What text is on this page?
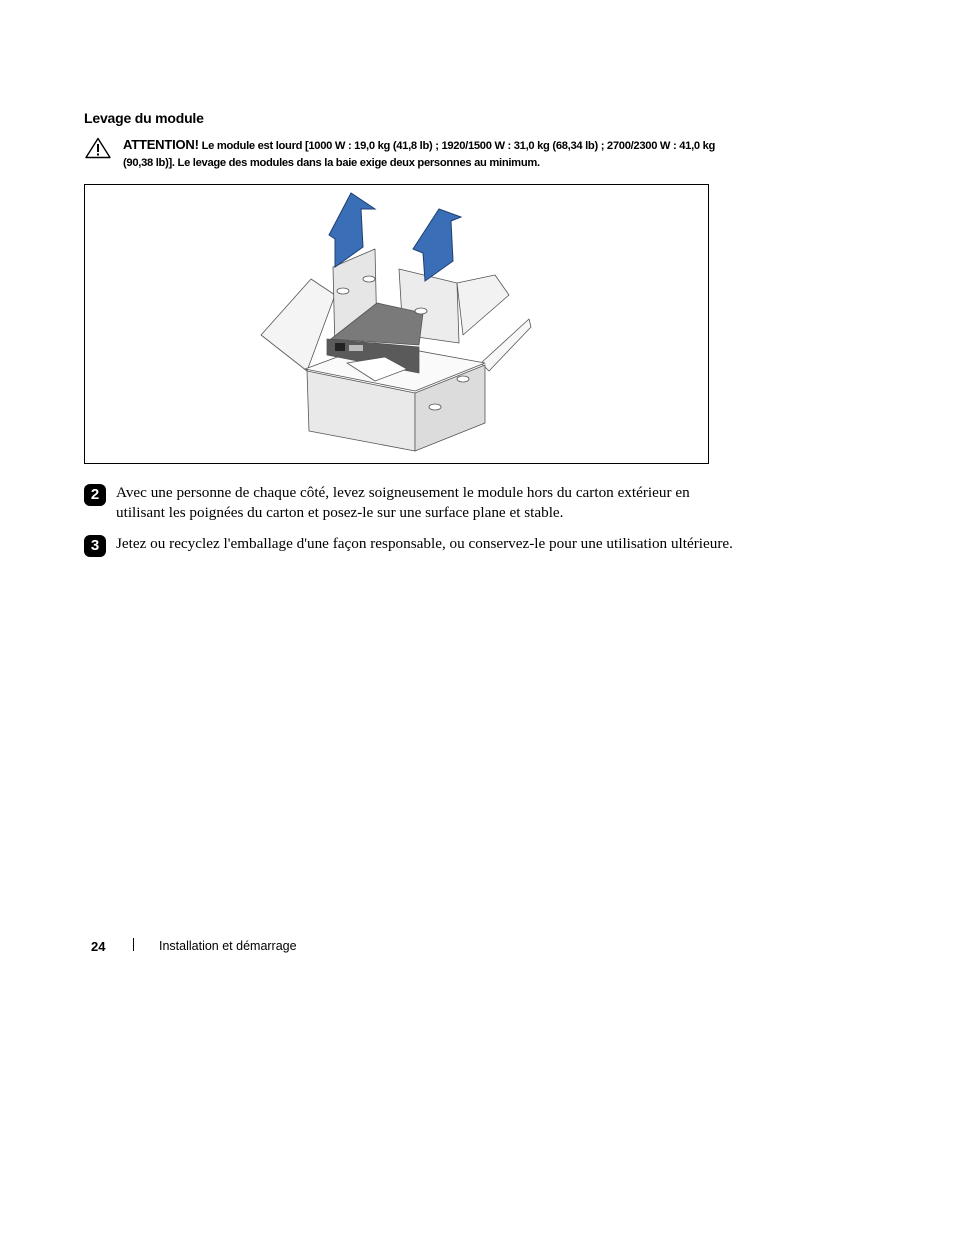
Levage du module
ATTENTION! Le module est lourd [1000 W : 19,0 kg (41,8 lb) ; 1920/1500 W : 31,0 kg (68,34 lb) ; 2700/2300 W : 41,0 kg (90,38 lb)]. Le levage des modules dans la baie exige deux personnes au minimum.
2	Avec une personne de chaque côté, levez soigneusement le module hors du carton extérieur en utilisant les poignées du carton et posez-le sur une surface plane et stable.
3	Jetez ou recyclez l'emballage d'une façon responsable, ou conservez-le pour une utilisation ultérieure.
24	Installation et démarrage
